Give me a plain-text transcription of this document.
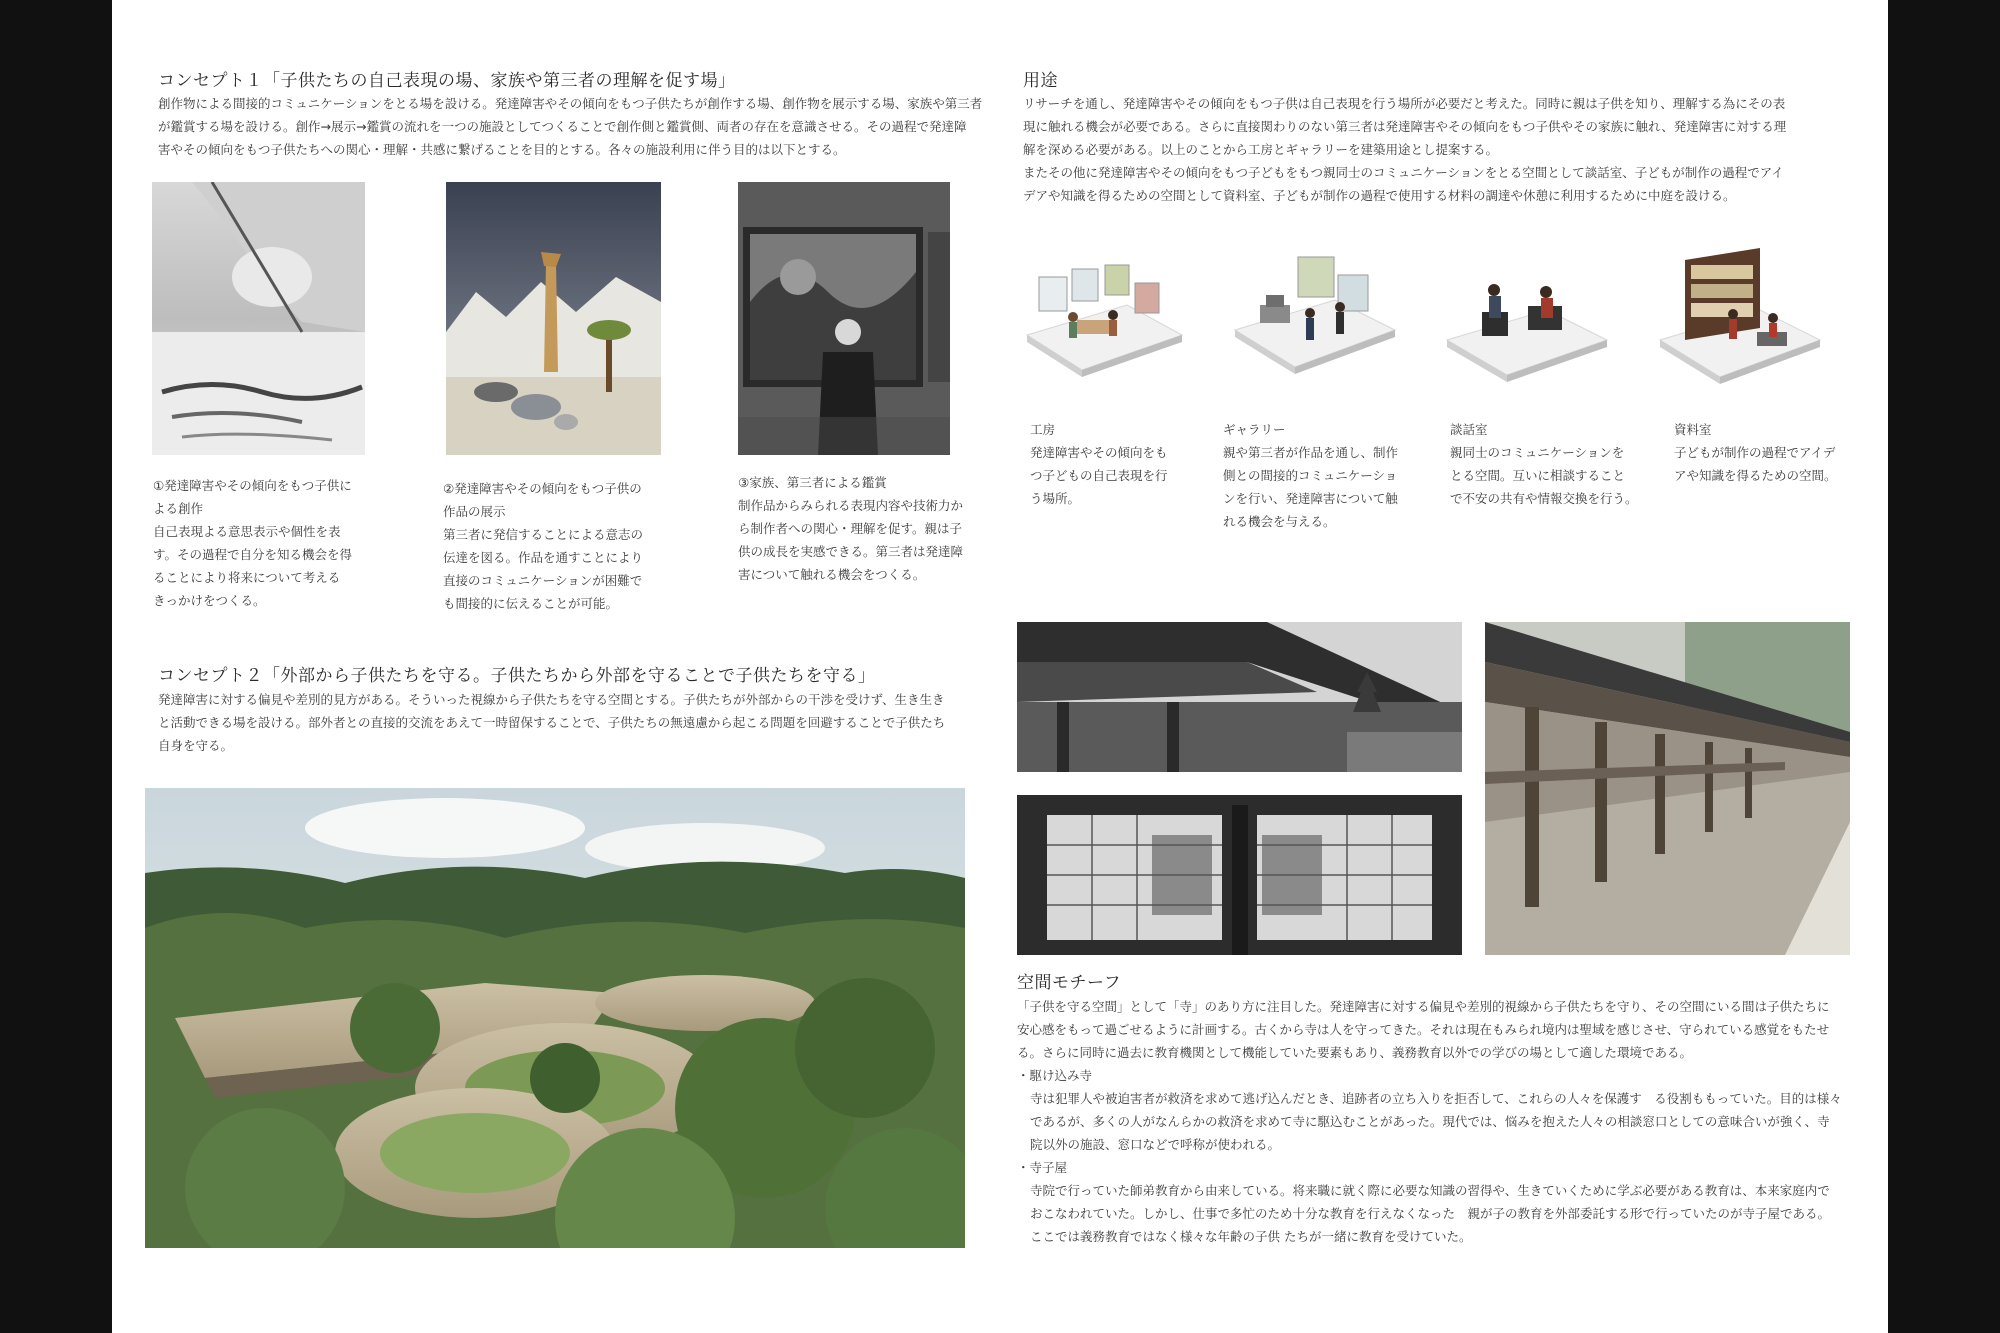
コンセプト１「子供たちの自己表現の場、家族や第三者の理解を促す場」
創作物による間接的コミュニケーションをとる場を設ける。発達障害やその傾向をもつ子供たちが創作する場、創作物を展示する場、家族や第三者
が鑑賞する場を設ける。創作→展示→鑑賞の流れを一つの施設としてつくることで創作側と鑑賞側、両者の存在を意識させる。その過程で発達障
害やその傾向をもつ子供たちへの関心・理解・共感に繋げることを目的とする。各々の施設利用に伴う目的は以下とする。
①発達障害やその傾向をもつ子供に
よる創作
自己表現よる意思表示や個性を表
す。その過程で自分を知る機会を得
ることにより将来について考える
きっかけをつくる。
②発達障害やその傾向をもつ子供の
作品の展示
第三者に発信することによる意志の
伝達を図る。作品を通すことにより
直接のコミュニケーションが困難で
も間接的に伝えることが可能。
③家族、第三者による鑑賞
制作品からみられる表現内容や技術力か
ら制作者への関心・理解を促す。親は子
供の成長を実感できる。第三者は発達障
害について触れる機会をつくる。
コンセプト２「外部から子供たちを守る。子供たちから外部を守ることで子供たちを守る」
発達障害に対する偏見や差別的見方がある。そういった視線から子供たちを守る空間とする。子供たちが外部からの干渉を受けず、生き生き
と活動できる場を設ける。部外者との直接的交流をあえて一時留保することで、子供たちの無遠慮から起こる問題を回避することで子供たち
自身を守る。
用途
リサーチを通し、発達障害やその傾向をもつ子供は自己表現を行う場所が必要だと考えた。同時に親は子供を知り、理解する為にその表
現に触れる機会が必要である。さらに直接関わりのない第三者は発達障害やその傾向をもつ子供やその家族に触れ、発達障害に対する理
解を深める必要がある。以上のことから工房とギャラリーを建築用途とし提案する。
またその他に発達障害やその傾向をもつ子どもをもつ親同士のコミュニケーションをとる空間として談話室、子どもが制作の過程でアイ
デアや知識を得るための空間として資料室、子どもが制作の過程で使用する材料の調達や休憩に利用するために中庭を設ける。
工房
発達障害やその傾向をも
つ子どもの自己表現を行
う場所。
ギャラリー
親や第三者が作品を通し、制作
側との間接的コミュニケーショ
ンを行い、発達障害について触
れる機会を与える。
談話室
親同士のコミュニケーションを
とる空間。互いに相談すること
で不安の共有や情報交換を行う。
資料室
子どもが制作の過程でアイデ
アや知識を得るための空間。
空間モチーフ
「子供を守る空間」として「寺」のあり方に注目した。発達障害に対する偏見や差別的視線から子供たちを守り、その空間にいる間は子供たちに
安心感をもって過ごせるように計画する。古くから寺は人を守ってきた。それは現在もみられ境内は聖域を感じさせ、守られている感覚をもたせ
る。さらに同時に過去に教育機関として機能していた要素もあり、義務教育以外での学びの場として適した環境である。
・駆け込み寺
寺は犯罪人や被迫害者が救済を求めて逃げ込んだとき、追跡者の立ち入りを拒否して、これらの人々を保護す　る役割ももっていた。目的は様々
であるが、多くの人がなんらかの救済を求めて寺に駆込むことがあった。現代では、悩みを抱えた人々の相談窓口としての意味合いが強く、寺
院以外の施設、窓口などで呼称が使われる。
・寺子屋
寺院で行っていた師弟教育から由来している。将来職に就く際に必要な知識の習得や、生きていくために学ぶ必要がある教育は、本来家庭内で
おこなわれていた。しかし、仕事で多忙のため十分な教育を行えなくなった　親が子の教育を外部委託する形で行っていたのが寺子屋である。
ここでは義務教育ではなく様々な年齢の子供 たちが一緒に教育を受けていた。
